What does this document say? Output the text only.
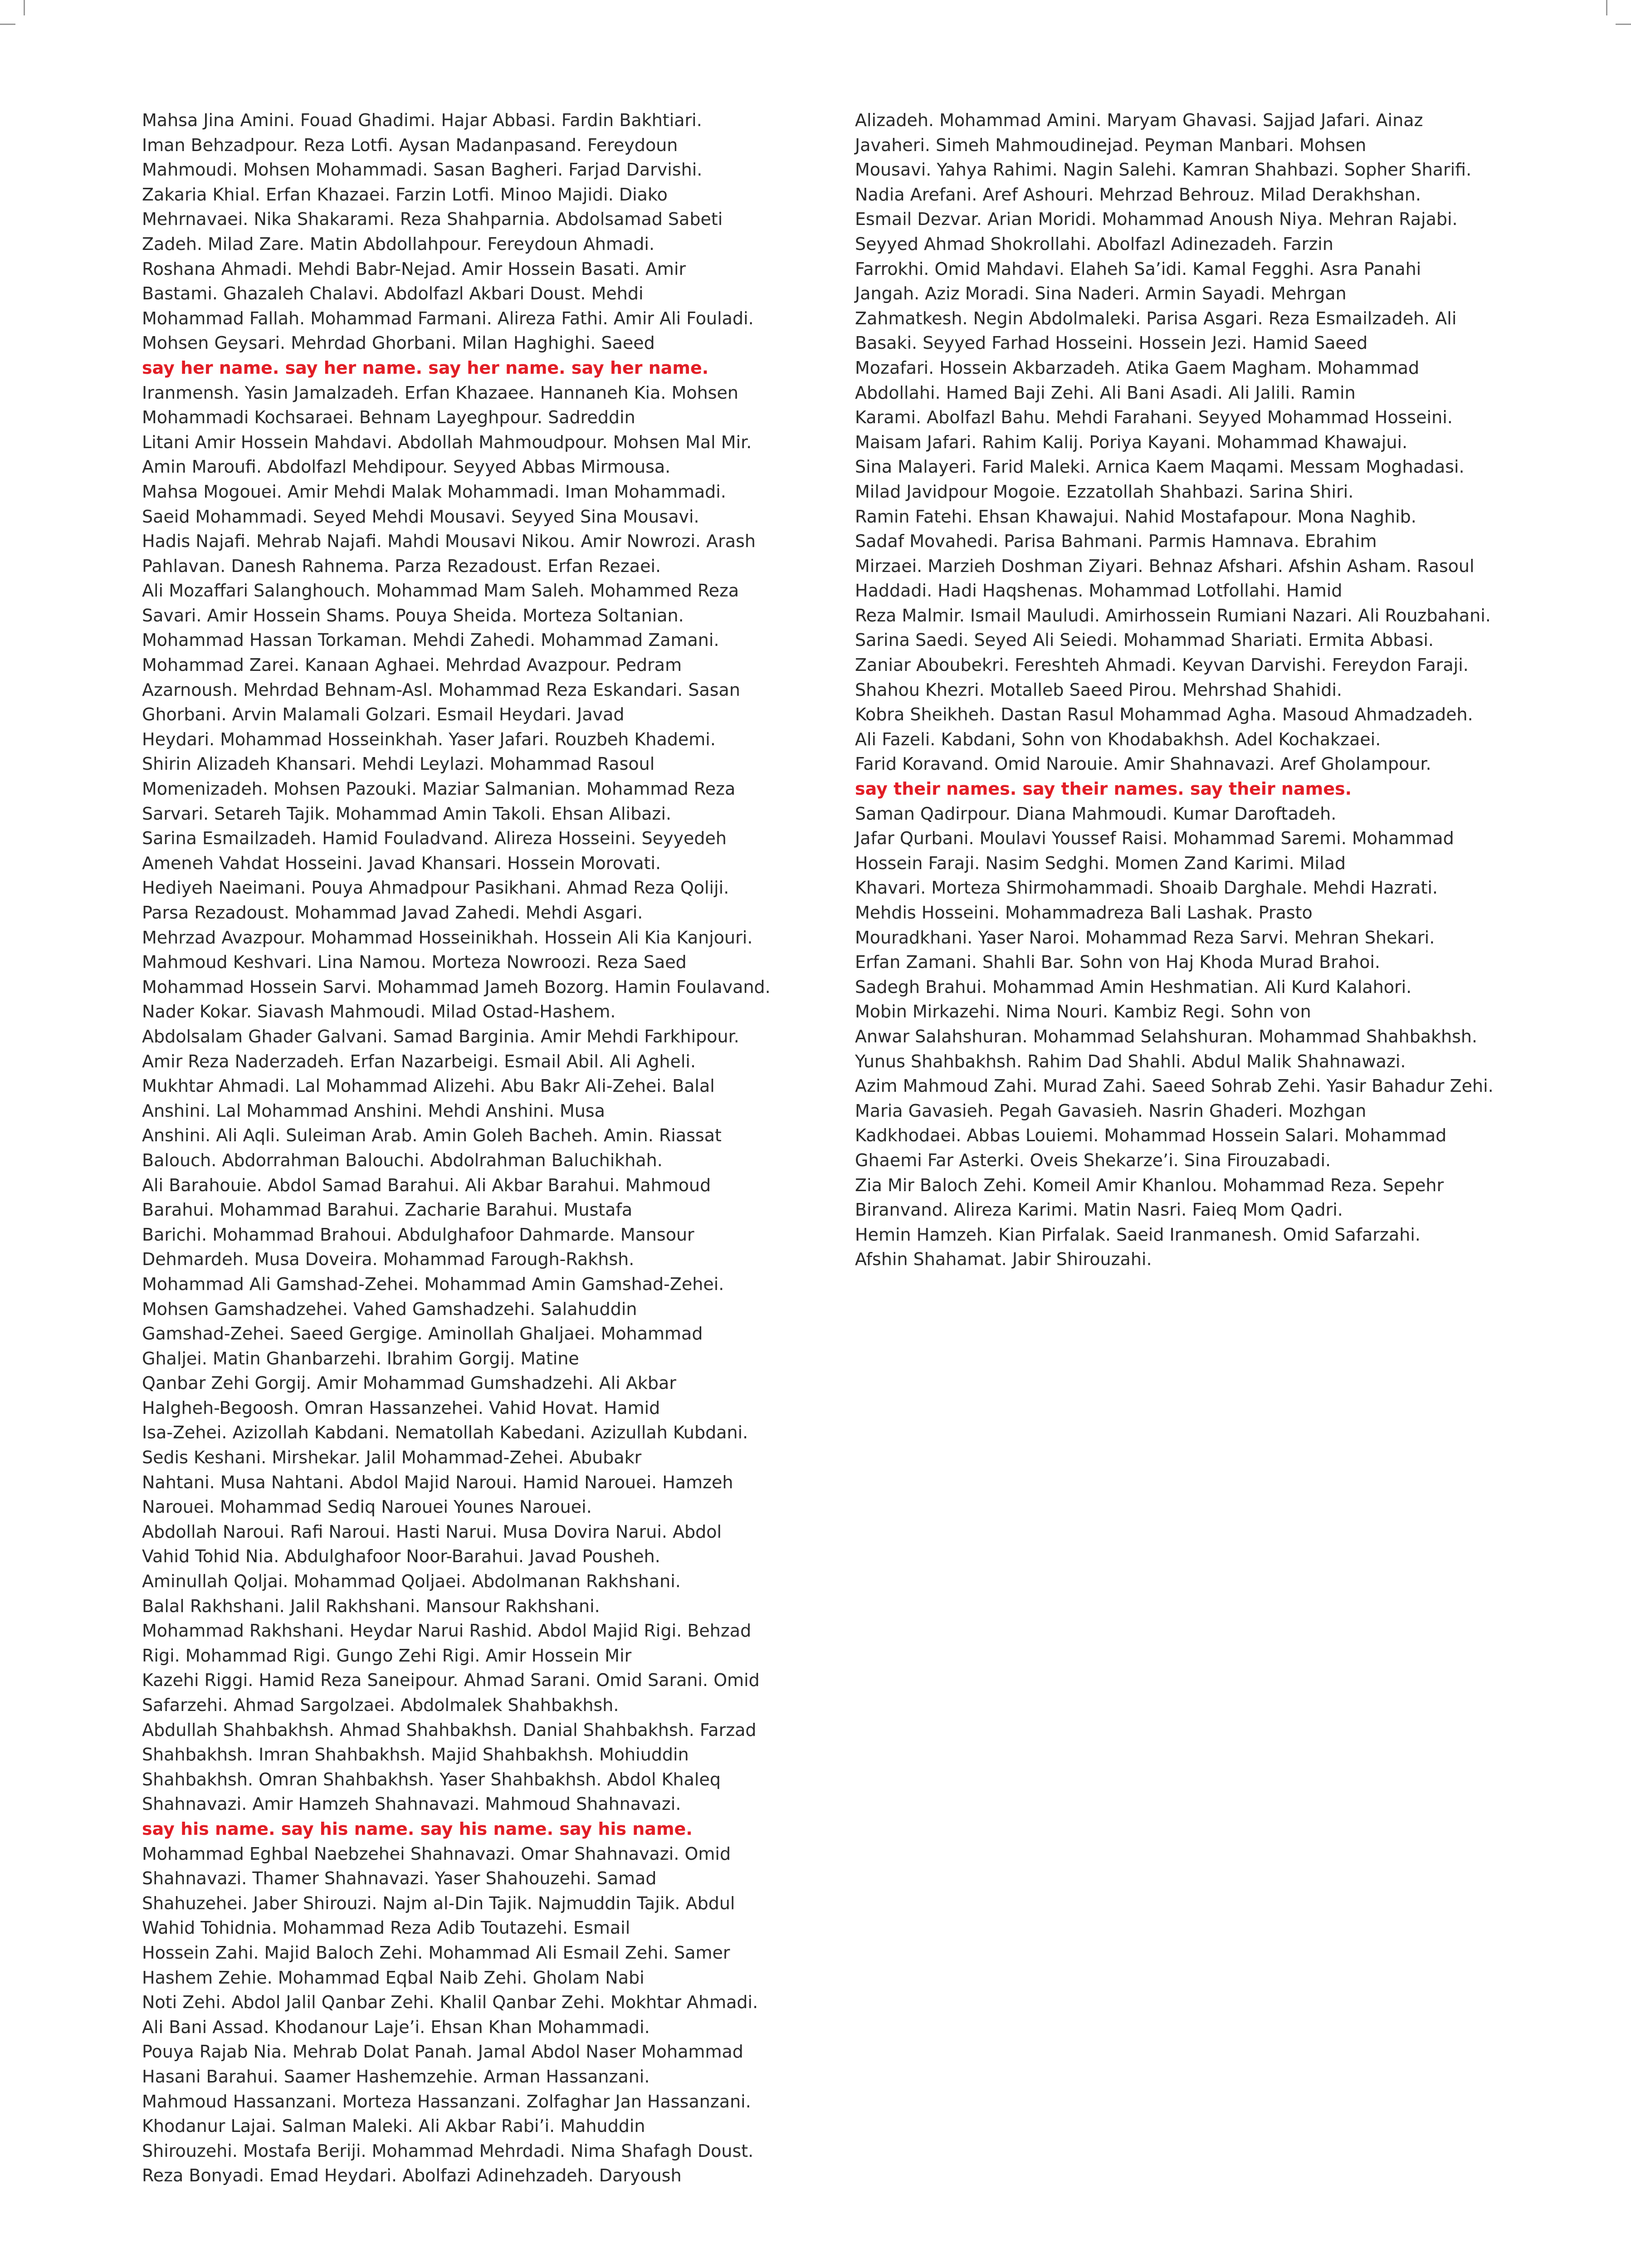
Mahsa Jina Amini. Fouad Ghadimi. Hajar Abbasi. Fardin Bakhtiari.
Iman Behzadpour. Reza Lotfi. Aysan Madanpasand. Fereydoun
Mahmoudi. Mohsen Mohammadi. Sasan Bagheri. Farjad Darvishi.
Zakaria Khial. Erfan Khazaei. Farzin Lotfi. Minoo Majidi. Diako
Mehrnavaei. Nika Shakarami. Reza Shahparnia. Abdolsamad Sabeti
Zadeh. Milad Zare. Matin Abdollahpour. Fereydoun Ahmadi.
Roshana Ahmadi. Mehdi Babr-Nejad. Amir Hossein Basati. Amir
Bastami. Ghazaleh Chalavi. Abdolfazl Akbari Doust. Mehdi
Mohammad Fallah. Mohammad Farmani. Alireza Fathi. Amir Ali Fouladi.
Mohsen Geysari. Mehrdad Ghorbani. Milan Haghighi. Saeed
say her name. say her name. say her name. say her name.
Iranmensh. Yasin Jamalzadeh. Erfan Khazaee. Hannaneh Kia. Mohsen
Mohammadi Kochsaraei. Behnam Layeghpour. Sadreddin
Litani Amir Hossein Mahdavi. Abdollah Mahmoudpour. Mohsen Mal Mir.
Amin Maroufi. Abdolfazl Mehdipour. Seyyed Abbas Mirmousa.
Mahsa Mogouei. Amir Mehdi Malak Mohammadi. Iman Mohammadi.
Saeid Mohammadi. Seyed Mehdi Mousavi. Seyyed Sina Mousavi.
Hadis Najafi. Mehrab Najafi. Mahdi Mousavi Nikou. Amir Nowrozi. Arash
Pahlavan. Danesh Rahnema. Parza Rezadoust. Erfan Rezaei.
Ali Mozaffari Salanghouch. Mohammad Mam Saleh. Mohammed Reza
Savari. Amir Hossein Shams. Pouya Sheida. Morteza Soltanian.
Mohammad Hassan Torkaman. Mehdi Zahedi. Mohammad Zamani.
Mohammad Zarei. Kanaan Aghaei. Mehrdad Avazpour. Pedram
Azarnoush. Mehrdad Behnam-Asl. Mohammad Reza Eskandari. Sasan
Ghorbani. Arvin Malamali Golzari. Esmail Heydari. Javad
Heydari. Mohammad Hosseinkhah. Yaser Jafari. Rouzbeh Khademi.
Shirin Alizadeh Khansari. Mehdi Leylazi. Mohammad Rasoul
Momenizadeh. Mohsen Pazouki. Maziar Salmanian. Mohammad Reza
Sarvari. Setareh Tajik. Mohammad Amin Takoli. Ehsan Alibazi.
Sarina Esmailzadeh. Hamid Fouladvand. Alireza Hosseini. Seyyedeh
Ameneh Vahdat Hosseini. Javad Khansari. Hossein Morovati.
Hediyeh Naeimani. Pouya Ahmadpour Pasikhani. Ahmad Reza Qoliji.
Parsa Rezadoust. Mohammad Javad Zahedi. Mehdi Asgari.
Mehrzad Avazpour. Mohammad Hosseinikhah. Hossein Ali Kia Kanjouri.
Mahmoud Keshvari. Lina Namou. Morteza Nowroozi. Reza Saed
Mohammad Hossein Sarvi. Mohammad Jameh Bozorg. Hamin Foulavand.
Nader Kokar. Siavash Mahmoudi. Milad Ostad-Hashem.
Abdolsalam Ghader Galvani. Samad Barginia. Amir Mehdi Farkhipour.
Amir Reza Naderzadeh. Erfan Nazarbeigi. Esmail Abil. Ali Agheli.
Mukhtar Ahmadi. Lal Mohammad Alizehi. Abu Bakr Ali-Zehei. Balal
Anshini. Lal Mohammad Anshini. Mehdi Anshini. Musa
Anshini. Ali Aqli. Suleiman Arab. Amin Goleh Bacheh. Amin. Riassat
Balouch. Abdorrahman Balouchi. Abdolrahman Baluchikhah.
Ali Barahouie. Abdol Samad Barahui. Ali Akbar Barahui. Mahmoud
Barahui. Mohammad Barahui. Zacharie Barahui. Mustafa
Barichi. Mohammad Brahoui. Abdulghafoor Dahmarde. Mansour
Dehmardeh. Musa Doveira. Mohammad Farough-Rakhsh.
Mohammad Ali Gamshad-Zehei. Mohammad Amin Gamshad-Zehei.
Mohsen Gamshadzehei. Vahed Gamshadzehi. Salahuddin
Gamshad-Zehei. Saeed Gergige. Aminollah Ghaljaei. Mohammad
Ghaljei. Matin Ghanbarzehi. Ibrahim Gorgij. Matine
Qanbar Zehi Gorgij. Amir Mohammad Gumshadzehi. Ali Akbar
Halgheh-Begoosh. Omran Hassanzehei. Vahid Hovat. Hamid
Isa-Zehei. Azizollah Kabdani. Nematollah Kabedani. Azizullah Kubdani.
Sedis Keshani. Mirshekar. Jalil Mohammad-Zehei. Abubakr
Nahtani. Musa Nahtani. Abdol Majid Naroui. Hamid Narouei. Hamzeh
Narouei. Mohammad Sediq Narouei Younes Narouei.
Abdollah Naroui. Rafi Naroui. Hasti Narui. Musa Dovira Narui. Abdol
Vahid Tohid Nia. Abdulghafoor Noor-Barahui. Javad Pousheh.
Aminullah Qoljai. Mohammad Qoljaei. Abdolmanan Rakhshani.
Balal Rakhshani. Jalil Rakhshani. Mansour Rakhshani.
Mohammad Rakhshani. Heydar Narui Rashid. Abdol Majid Rigi. Behzad
Rigi. Mohammad Rigi. Gungo Zehi Rigi. Amir Hossein Mir
Kazehi Riggi. Hamid Reza Saneipour. Ahmad Sarani. Omid Sarani. Omid
Safarzehi. Ahmad Sargolzaei. Abdolmalek Shahbakhsh.
Abdullah Shahbakhsh. Ahmad Shahbakhsh. Danial Shahbakhsh. Farzad
Shahbakhsh. Imran Shahbakhsh. Majid Shahbakhsh. Mohiuddin
Shahbakhsh. Omran Shahbakhsh. Yaser Shahbakhsh. Abdol Khaleq
Shahnavazi. Amir Hamzeh Shahnavazi. Mahmoud Shahnavazi.
say his name. say his name. say his name. say his name.
Mohammad Eghbal Naebzehei Shahnavazi. Omar Shahnavazi. Omid
Shahnavazi. Thamer Shahnavazi. Yaser Shahouzehi. Samad
Shahuzehei. Jaber Shirouzi. Najm al-Din Tajik. Najmuddin Tajik. Abdul
Wahid Tohidnia. Mohammad Reza Adib Toutazehi. Esmail
Hossein Zahi. Majid Baloch Zehi. Mohammad Ali Esmail Zehi. Samer
Hashem Zehie. Mohammad Eqbal Naib Zehi. Gholam Nabi
Noti Zehi. Abdol Jalil Qanbar Zehi. Khalil Qanbar Zehi. Mokhtar Ahmadi.
Ali Bani Assad. Khodanour Laje’i. Ehsan Khan Mohammadi.
Pouya Rajab Nia. Mehrab Dolat Panah. Jamal Abdol Naser Mohammad
Hasani Barahui. Saamer Hashemzehie. Arman Hassanzani.
Mahmoud Hassanzani. Morteza Hassanzani. Zolfaghar Jan Hassanzani.
Khodanur Lajai. Salman Maleki. Ali Akbar Rabi’i. Mahuddin
Shirouzehi. Mostafa Beriji. Mohammad Mehrdadi. Nima Shafagh Doust.
Reza Bonyadi. Emad Heydari. Abolfazi Adinehzadeh. Daryoush
Alizadeh. Mohammad Amini. Maryam Ghavasi. Sajjad Jafari. Ainaz
Javaheri. Simeh Mahmoudinejad. Peyman Manbari. Mohsen
Mousavi. Yahya Rahimi. Nagin Salehi. Kamran Shahbazi. Sopher Sharifi.
Nadia Arefani. Aref Ashouri. Mehrzad Behrouz. Milad Derakhshan.
Esmail Dezvar. Arian Moridi. Mohammad Anoush Niya. Mehran Rajabi.
Seyyed Ahmad Shokrollahi. Abolfazl Adinezadeh. Farzin
Farrokhi. Omid Mahdavi. Elaheh Sa’idi. Kamal Fegghi. Asra Panahi
Jangah. Aziz Moradi. Sina Naderi. Armin Sayadi. Mehrgan
Zahmatkesh. Negin Abdolmaleki. Parisa Asgari. Reza Esmailzadeh. Ali
Basaki. Seyyed Farhad Hosseini. Hossein Jezi. Hamid Saeed
Mozafari. Hossein Akbarzadeh. Atika Gaem Magham. Mohammad
Abdollahi. Hamed Baji Zehi. Ali Bani Asadi. Ali Jalili. Ramin
Karami. Abolfazl Bahu. Mehdi Farahani. Seyyed Mohammad Hosseini.
Maisam Jafari. Rahim Kalij. Poriya Kayani. Mohammad Khawajui.
Sina Malayeri. Farid Maleki. Arnica Kaem Maqami. Messam Moghadasi.
Milad Javidpour Mogoie. Ezzatollah Shahbazi. Sarina Shiri.
Ramin Fatehi. Ehsan Khawajui. Nahid Mostafapour. Mona Naghib.
Sadaf Movahedi. Parisa Bahmani. Parmis Hamnava. Ebrahim
Mirzaei. Marzieh Doshman Ziyari. Behnaz Afshari. Afshin Asham. Rasoul
Haddadi. Hadi Haqshenas. Mohammad Lotfollahi. Hamid
Reza Malmir. Ismail Mauludi. Amirhossein Rumiani Nazari. Ali Rouzbahani.
Sarina Saedi. Seyed Ali Seiedi. Mohammad Shariati. Ermita Abbasi.
Zaniar Aboubekri. Fereshteh Ahmadi. Keyvan Darvishi. Fereydon Faraji.
Shahou Khezri. Motalleb Saeed Pirou. Mehrshad Shahidi.
Kobra Sheikheh. Dastan Rasul Mohammad Agha. Masoud Ahmadzadeh.
Ali Fazeli. Kabdani, Sohn von Khodabakhsh. Adel Kochakzaei.
Farid Koravand. Omid Narouie. Amir Shahnavazi. Aref Gholampour.
say their names. say their names. say their names.
Saman Qadirpour. Diana Mahmoudi. Kumar Daroftadeh.
Jafar Qurbani. Moulavi Youssef Raisi. Mohammad Saremi. Mohammad
Hossein Faraji. Nasim Sedghi. Momen Zand Karimi. Milad
Khavari. Morteza Shirmohammadi. Shoaib Darghale. Mehdi Hazrati.
Mehdis Hosseini. Mohammadreza Bali Lashak. Prasto
Mouradkhani. Yaser Naroi. Mohammad Reza Sarvi. Mehran Shekari.
Erfan Zamani. Shahli Bar. Sohn von Haj Khoda Murad Brahoi.
Sadegh Brahui. Mohammad Amin Heshmatian. Ali Kurd Kalahori.
Mobin Mirkazehi. Nima Nouri. Kambiz Regi. Sohn von
Anwar Salahshuran. Mohammad Selahshuran. Mohammad Shahbakhsh.
Yunus Shahbakhsh. Rahim Dad Shahli. Abdul Malik Shahnawazi.
Azim Mahmoud Zahi. Murad Zahi. Saeed Sohrab Zehi. Yasir Bahadur Zehi.
Maria Gavasieh. Pegah Gavasieh. Nasrin Ghaderi. Mozhgan
Kadkhodaei. Abbas Louiemi. Mohammad Hossein Salari. Mohammad
Ghaemi Far Asterki. Oveis Shekarze’i. Sina Firouzabadi.
Zia Mir Baloch Zehi. Komeil Amir Khanlou. Mohammad Reza. Sepehr
Biranvand. Alireza Karimi. Matin Nasri. Faieq Mom Qadri.
Hemin Hamzeh. Kian Pirfalak. Saeid Iranmanesh. Omid Safarzahi.
Afshin Shahamat. Jabir Shirouzahi.
